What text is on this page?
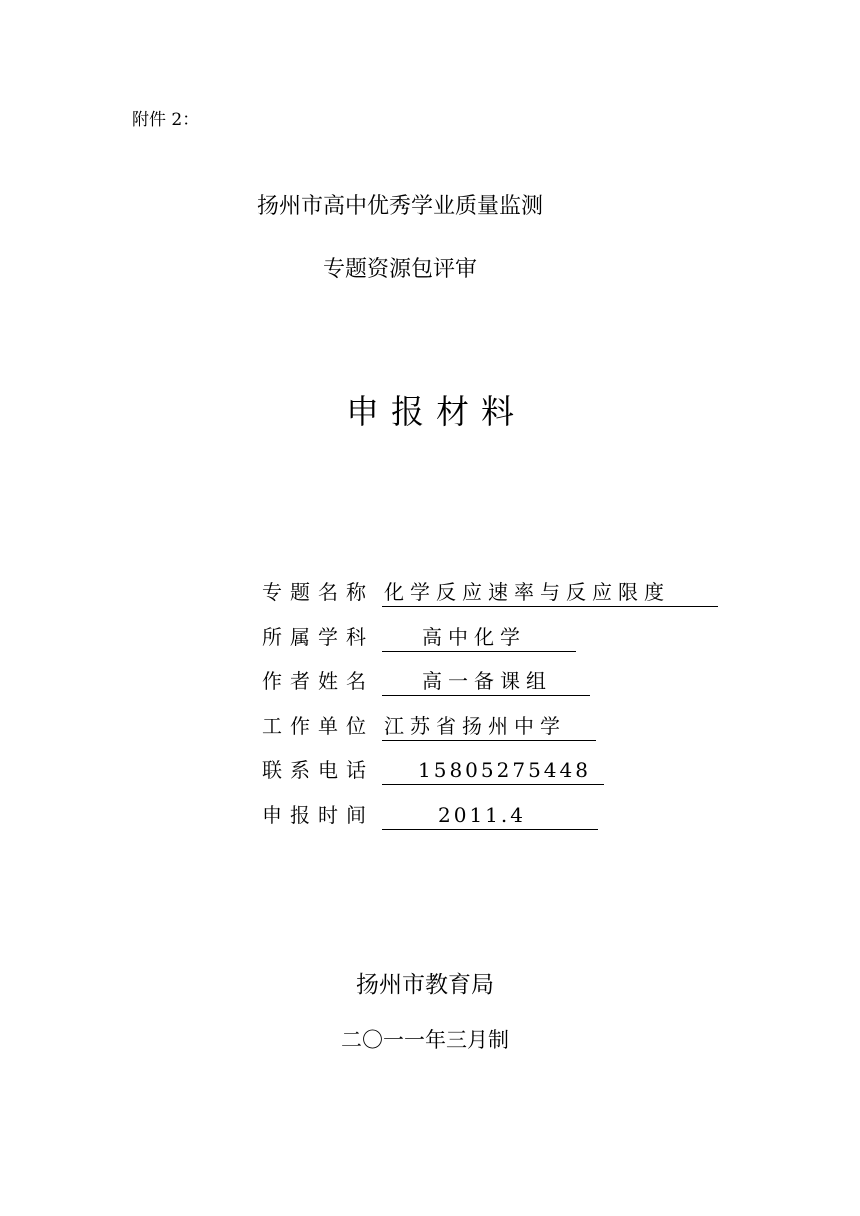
附件 2：
扬州市高中优秀学业质量监测
专题资源包评审
申报材料
专题名称 化学反应速率与反应限度
所属学科	高中化学
作者姓名	高一备课组
工作单位 江苏省扬州中学
联系电话	15805275448
申报时间	2011.4
扬州市教育局
二〇一一年三月制
